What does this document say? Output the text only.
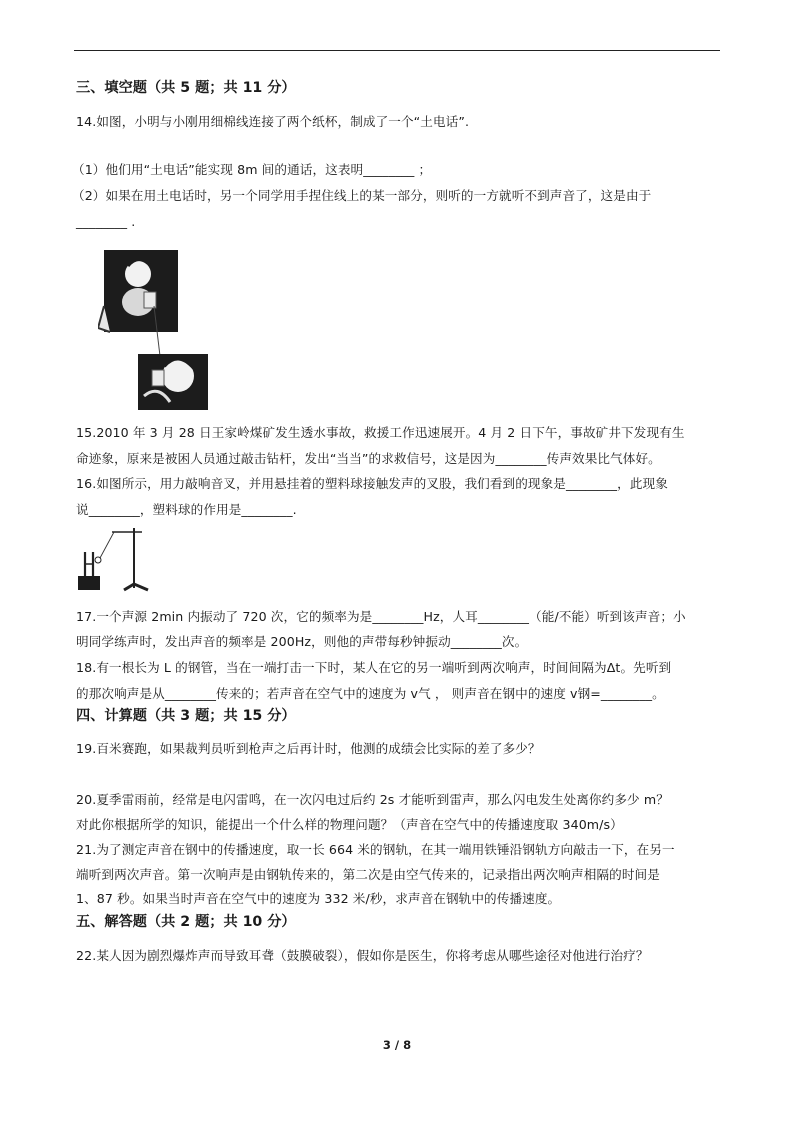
三、填空题（共 5 题；共 11 分）
14.如图，小明与小刚用细棉线连接了两个纸杯，制成了一个“土电话”.
（1）他们用“土电话”能实现 8m 间的通话，这表明________ ；
（2）如果在用土电话时，另一个同学用手捏住线上的某一部分，则听的一方就听不到声音了，这是由于
________ .
15.2010 年 3 月 28 日王家岭煤矿发生透水事故，救援工作迅速展开。4 月 2 日下午，事故矿井下发现有生
命迹象，原来是被困人员通过敲击钻杆，发出“当当”的求救信号，这是因为________传声效果比气体好。
16.如图所示，用力敲响音叉，并用悬挂着的塑料球接触发声的叉股，我们看到的现象是________，此现象
说________，塑料球的作用是________.
17.一个声源 2min 内振动了 720 次，它的频率为是________Hz，人耳________（能/不能）听到该声音；小
明同学练声时，发出声音的频率是 200Hz，则他的声带每秒钟振动________次。
18.有一根长为 L 的钢管，当在一端打击一下时，某人在它的另一端听到两次响声，时间间隔为Δt。先听到
的那次响声是从________传来的；若声音在空气中的速度为 v气 ， 则声音在钢中的速度 v钢=________。
四、计算题（共 3 题；共 15 分）
19.百米赛跑，如果裁判员听到枪声之后再计时，他测的成绩会比实际的差了多少？
20.夏季雷雨前，经常是电闪雷鸣，在一次闪电过后约 2s 才能听到雷声，那么闪电发生处离你约多少 m？
对此你根据所学的知识，能提出一个什么样的物理问题？（声音在空气中的传播速度取 340m/s）
21.为了测定声音在钢中的传播速度，取一长 664 米的钢轨，在其一端用铁锤沿钢轨方向敲击一下，在另一
端听到两次声音。第一次响声是由钢轨传来的，第二次是由空气传来的，记录指出两次响声相隔的时间是
1、87 秒。如果当时声音在空气中的速度为 332 米/秒，求声音在钢轨中的传播速度。
五、解答题（共 2 题；共 10 分）
22.某人因为剧烈爆炸声而导致耳聋（鼓膜破裂），假如你是医生，你将考虑从哪些途径对他进行治疗？
3 / 8
